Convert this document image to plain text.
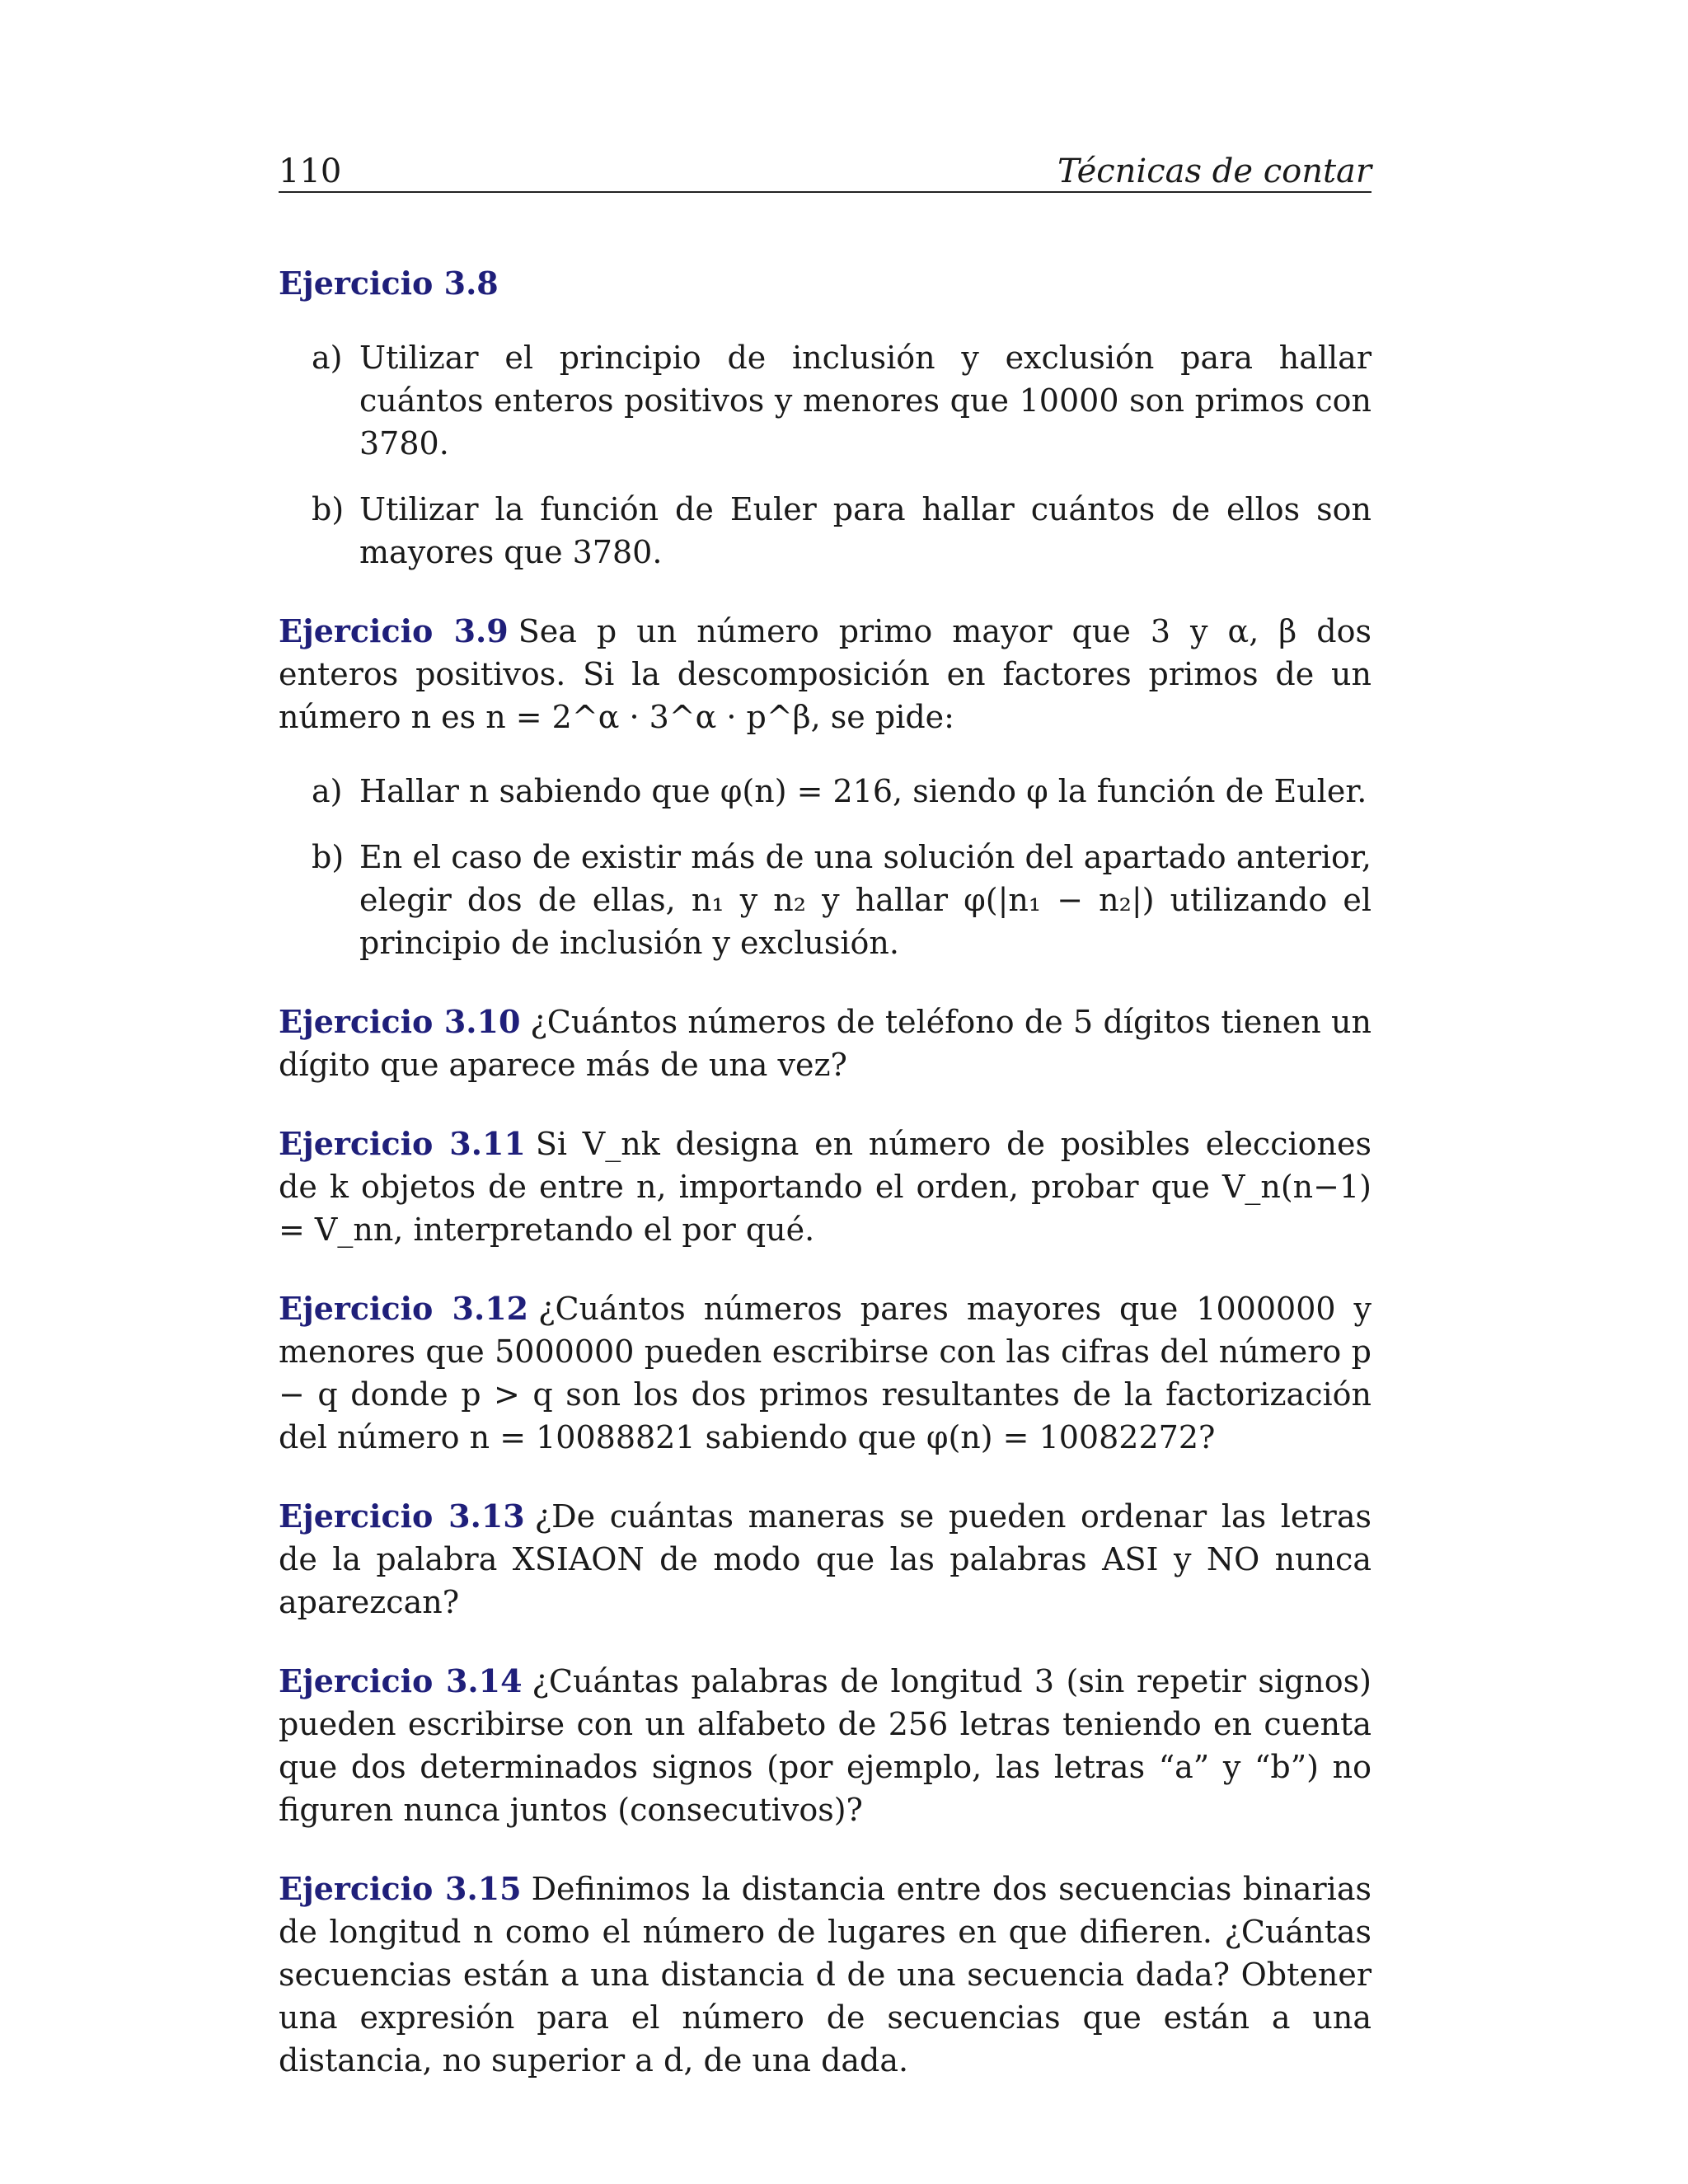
110	Técnicas de contar

Ejercicio 3.8

a) Utilizar el principio de inclusión y exclusión para hallar cuántos enteros positivos y menores que 10000 son primos con 3780.
b) Utilizar la función de Euler para hallar cuántos de ellos son mayores que 3780.

Ejercicio 3.9 Sea p un número primo mayor que 3 y α, β dos enteros positivos. Si la descomposición en factores primos de un número n es n = 2^α · 3^α · p^β, se pide:

a) Hallar n sabiendo que φ(n) = 216, siendo φ la función de Euler.
b) En el caso de existir más de una solución del apartado anterior, elegir dos de ellas, n₁ y n₂ y hallar φ(|n₁ − n₂|) utilizando el principio de inclusión y exclusión.

Ejercicio 3.10 ¿Cuántos números de teléfono de 5 dígitos tienen un dígito que aparece más de una vez?

Ejercicio 3.11 Si V_nk designa en número de posibles elecciones de k objetos de entre n, importando el orden, probar que V_n(n−1) = V_nn, interpretando el por qué.

Ejercicio 3.12 ¿Cuántos números pares mayores que 1000000 y menores que 5000000 pueden escribirse con las cifras del número p − q donde p > q son los dos primos resultantes de la factorización del número n = 10088821 sabiendo que φ(n) = 10082272?

Ejercicio 3.13 ¿De cuántas maneras se pueden ordenar las letras de la palabra XSIAON de modo que las palabras ASI y NO nunca aparezcan?

Ejercicio 3.14 ¿Cuántas palabras de longitud 3 (sin repetir signos) pueden escribirse con un alfabeto de 256 letras teniendo en cuenta que dos determinados signos (por ejemplo, las letras “a” y “b”) no figuren nunca juntos (consecutivos)?

Ejercicio 3.15 Definimos la distancia entre dos secuencias binarias de longitud n como el número de lugares en que difieren. ¿Cuántas secuencias están a una distancia d de una secuencia dada? Obtener una expresión para el número de secuencias que están a una distancia, no superior a d, de una dada.
